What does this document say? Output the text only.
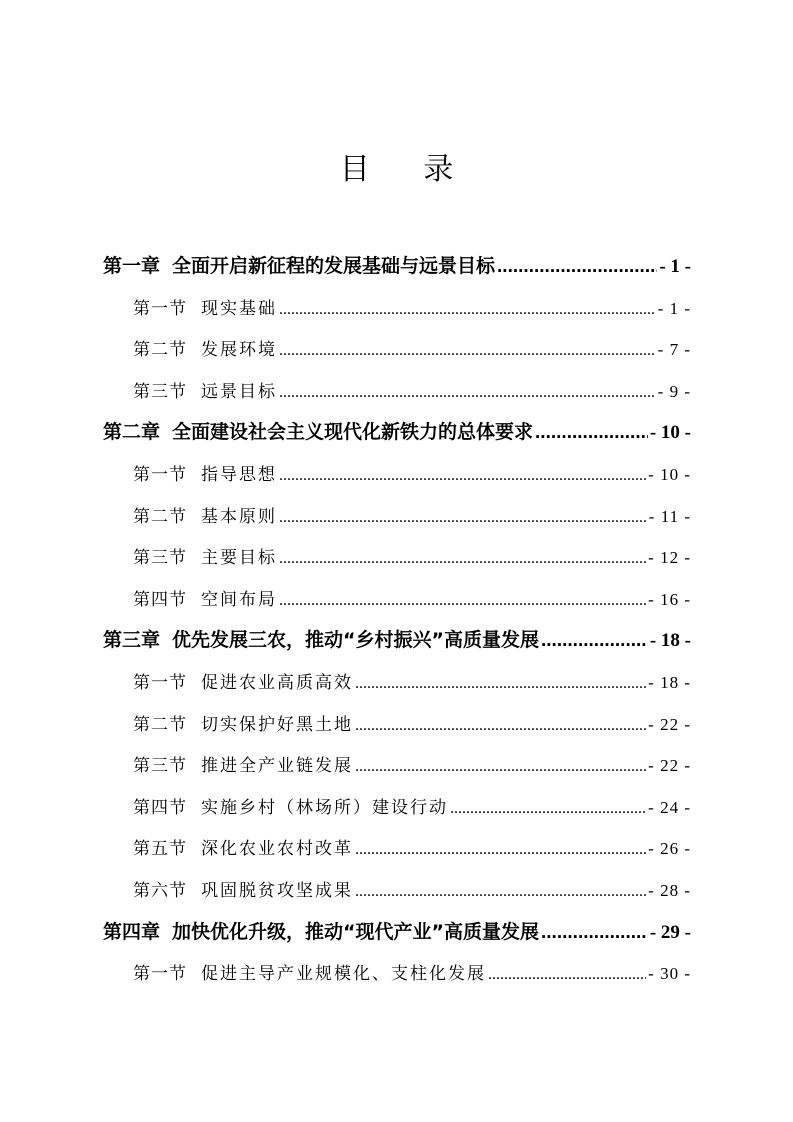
目 录
第一章 全面开启新征程的发展基础与远景目标 .....	- 1 -
第一节 现实基础 .....	- 1 -
第二节 发展环境 .....	- 7 -
第三节 远景目标 .....	- 9 -
第二章 全面建设社会主义现代化新铁力的总体要求 .....	- 10 -
第一节 指导思想 .....	- 10 -
第二节 基本原则 .....	- 11 -
第三节 主要目标 .....	- 12 -
第四节 空间布局 .....	- 16 -
第三章 优先发展三农，推动“乡村振兴”高质量发展 .....	- 18 -
第一节 促进农业高质高效 .....	- 18 -
第二节 切实保护好黑土地 .....	- 22 -
第三节 推进全产业链发展 .....	- 22 -
第四节 实施乡村（林场所）建设行动 .....	- 24 -
第五节 深化农业农村改革 .....	- 26 -
第六节 巩固脱贫攻坚成果 .....	- 28 -
第四章 加快优化升级，推动“现代产业”高质量发展 .....	- 29 -
第一节 促进主导产业规模化、支柱化发展 .....	- 30 -
